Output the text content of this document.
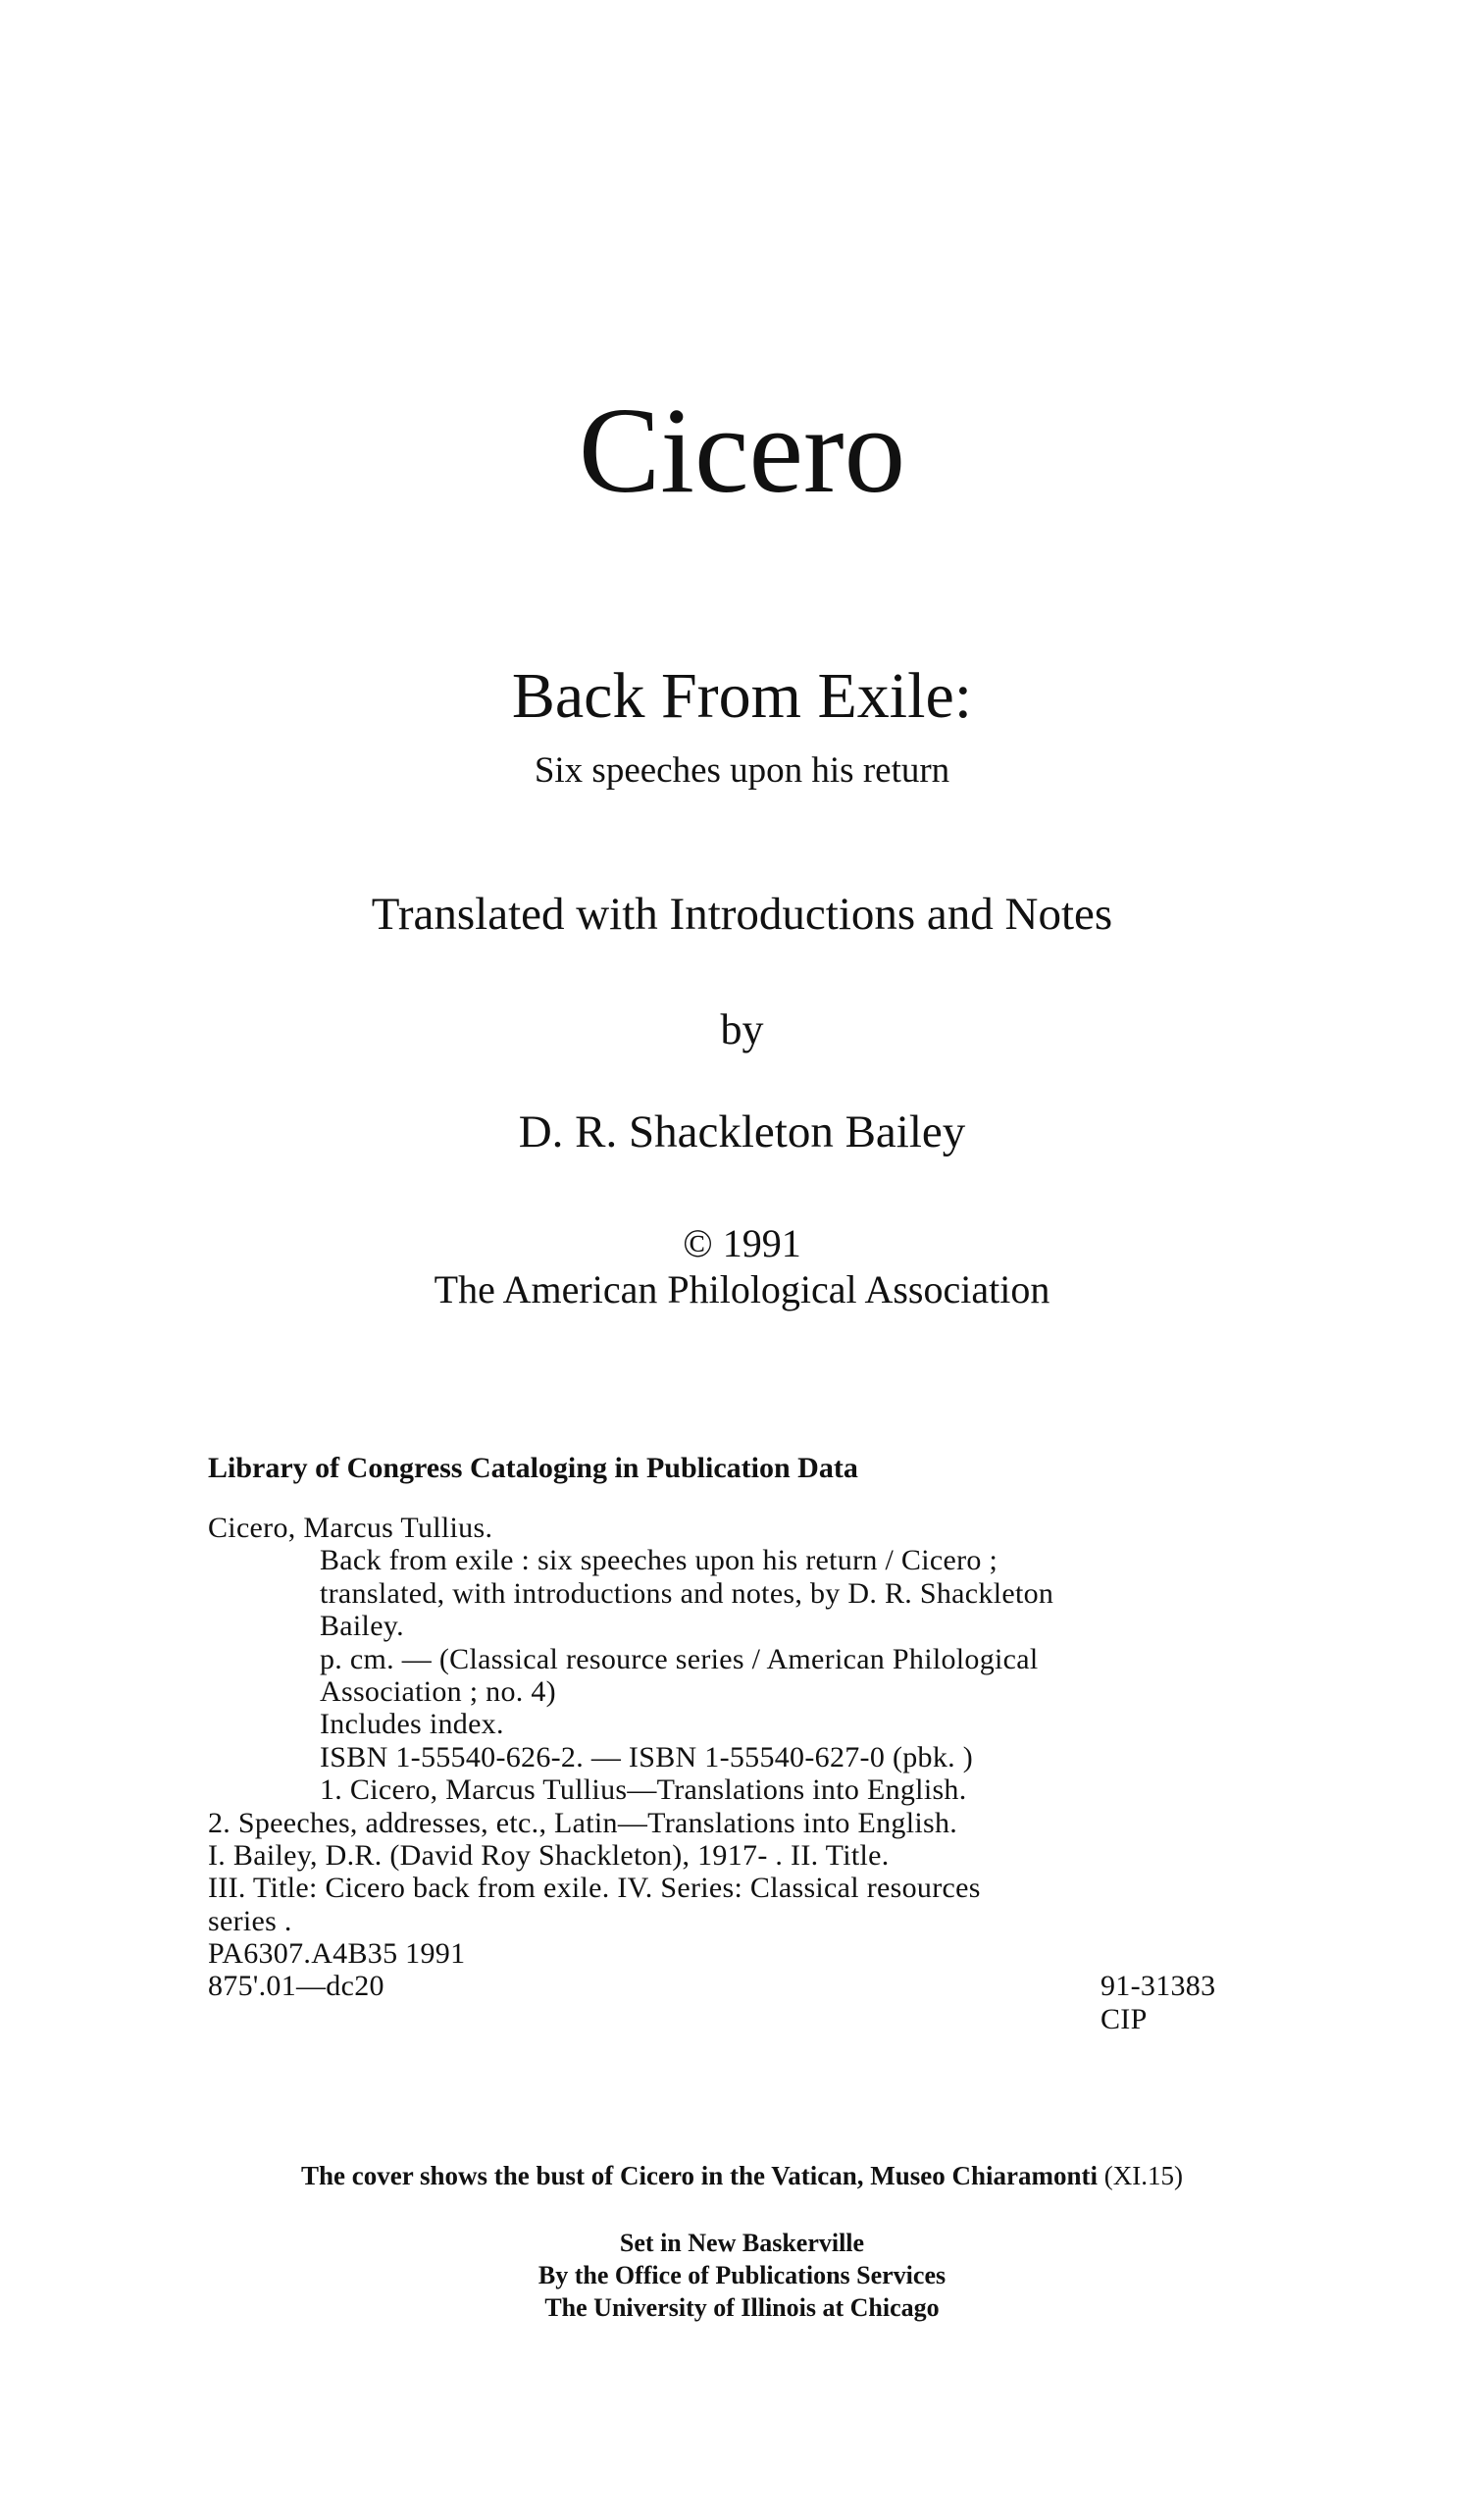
Cicero
Back From Exile:
Six speeches upon his return
Translated with Introductions and Notes
by
D. R. Shackleton Bailey
© 1991
The American Philological Association
Library of Congress Cataloging in Publication Data
Cicero, Marcus Tullius.
Back from exile : six speeches upon his return / Cicero ;
translated, with introductions and notes, by D. R. Shackleton
Bailey.
p. cm. — (Classical resource series / American Philological
Association ; no. 4)
Includes index.
ISBN 1-55540-626-2. — ISBN 1-55540-627-0 (pbk. )
1. Cicero, Marcus Tullius—Translations into English.
2. Speeches, addresses, etc., Latin—Translations into English.
I. Bailey, D.R. (David Roy Shackleton), 1917- . II. Title.
III. Title: Cicero back from exile. IV. Series: Classical resources
series .
PA6307.A4B35 1991
875'.01—dc20	91-31383
CIP
The cover shows the bust of Cicero in the Vatican, Museo Chiaramonti (XI.15)
Set in New Baskerville
By the Office of Publications Services
The University of Illinois at Chicago
